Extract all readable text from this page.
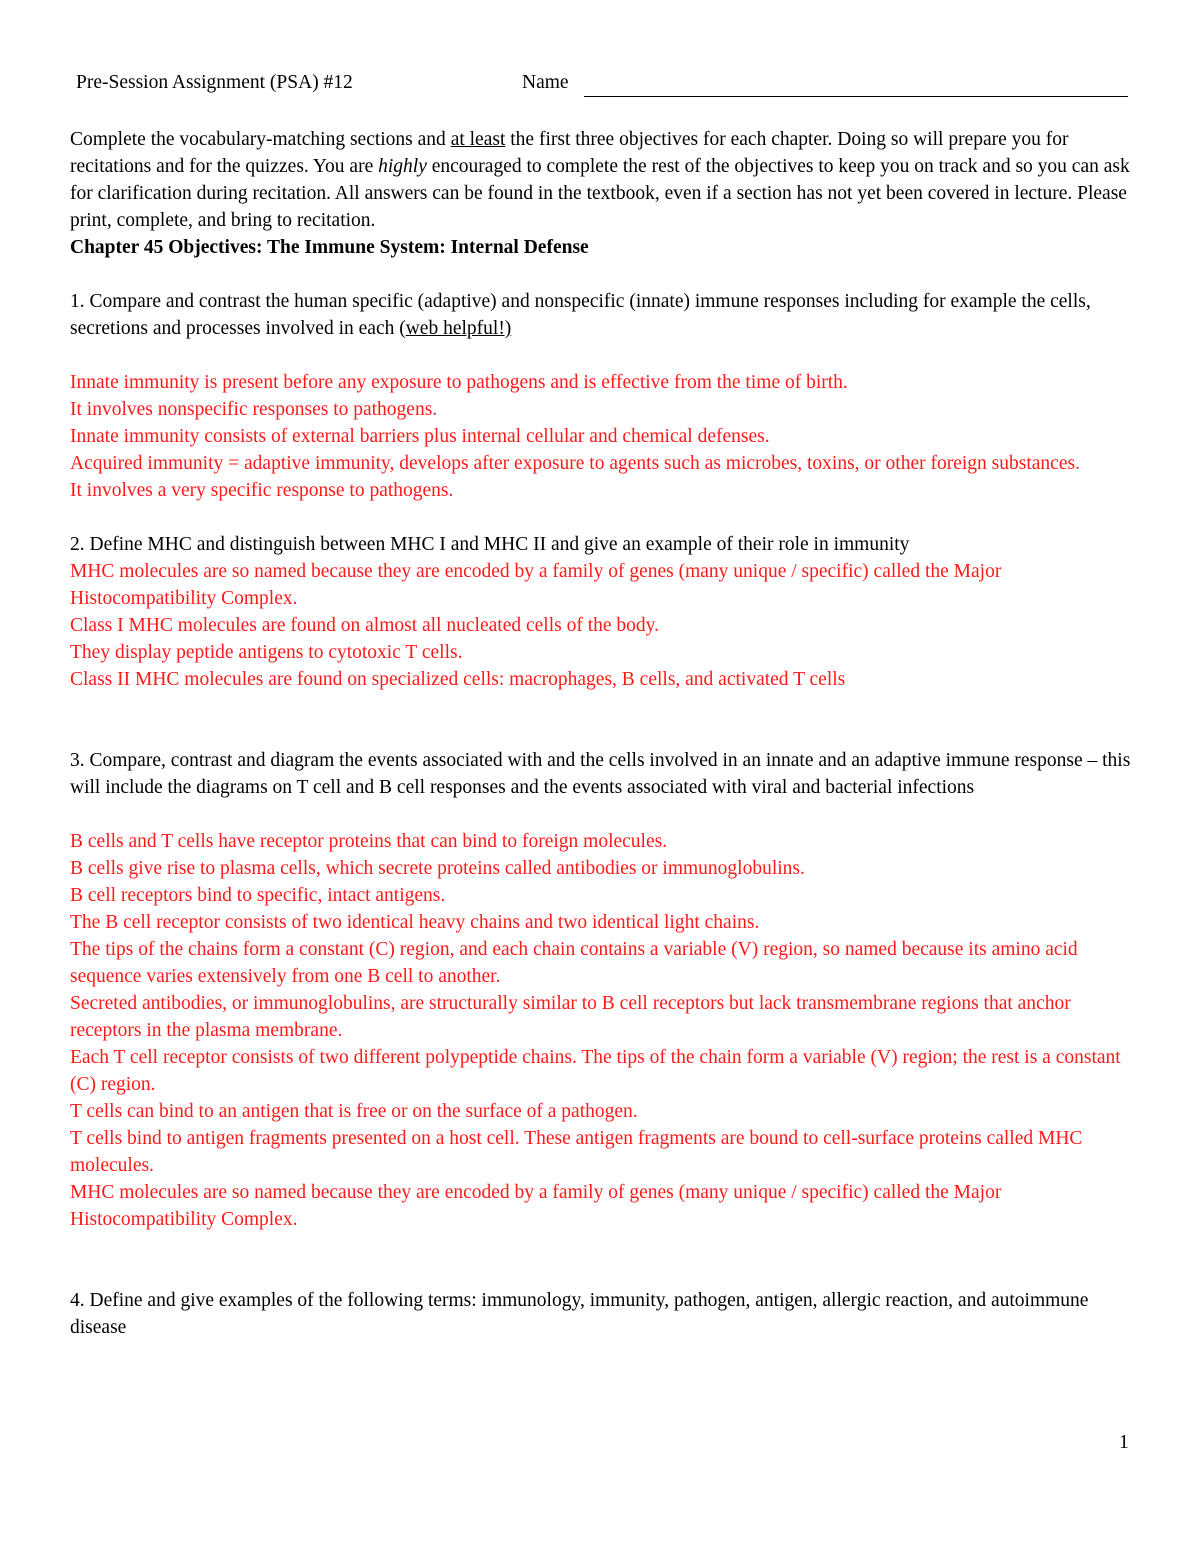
Pre-Session Assignment (PSA) #12	Name

Complete the vocabulary-matching sections and at least the first three objectives for each chapter. Doing so will prepare you for recitations and for the quizzes. You are highly encouraged to complete the rest of the objectives to keep you on track and so you can ask for clarification during recitation. All answers can be found in the textbook, even if a section has not yet been covered in lecture. Please print, complete, and bring to recitation.

Chapter 45 Objectives: The Immune System: Internal Defense

1. Compare and contrast the human specific (adaptive) and nonspecific (innate) immune responses including for example the cells, secretions and processes involved in each (web helpful!)

Innate immunity is present before any exposure to pathogens and is effective from the time of birth.

It involves nonspecific responses to pathogens.

Innate immunity consists of external barriers plus internal cellular and chemical defenses.

Acquired immunity = adaptive immunity, develops after exposure to agents such as microbes, toxins, or other foreign substances.

It involves a very specific response to pathogens.

2. Define MHC and distinguish between MHC I and MHC II and give an example of their role in immunity

MHC molecules are so named because they are encoded by a family of genes (many unique / specific) called the Major Histocompatibility Complex.

Class I MHC molecules are found on almost all nucleated cells of the body.

They display peptide antigens to cytotoxic T cells.

Class II MHC molecules are found on specialized cells: macrophages, B cells, and activated T cells

3. Compare, contrast and diagram the events associated with and the cells involved in an innate and an adaptive immune response – this will include the diagrams on T cell and B cell responses and the events associated with viral and bacterial infections

B cells and T cells have receptor proteins that can bind to foreign molecules.

B cells give rise to plasma cells, which secrete proteins called antibodies or immunoglobulins.

B cell receptors bind to specific, intact antigens.

The B cell receptor consists of two identical heavy chains and two identical light chains.

The tips of the chains form a constant (C) region, and each chain contains a variable (V) region, so named because its amino acid sequence varies extensively from one B cell to another.

Secreted antibodies, or immunoglobulins, are structurally similar to B cell receptors but lack transmembrane regions that anchor receptors in the plasma membrane.

Each T cell receptor consists of two different polypeptide chains. The tips of the chain form a variable (V) region; the rest is a constant (C) region.

T cells can bind to an antigen that is free or on the surface of a pathogen.

T cells bind to antigen fragments presented on a host cell. These antigen fragments are bound to cell-surface proteins called MHC molecules.

MHC molecules are so named because they are encoded by a family of genes (many unique / specific) called the Major Histocompatibility Complex.

4. Define and give examples of the following terms: immunology, immunity, pathogen, antigen, allergic reaction, and autoimmune disease

1
